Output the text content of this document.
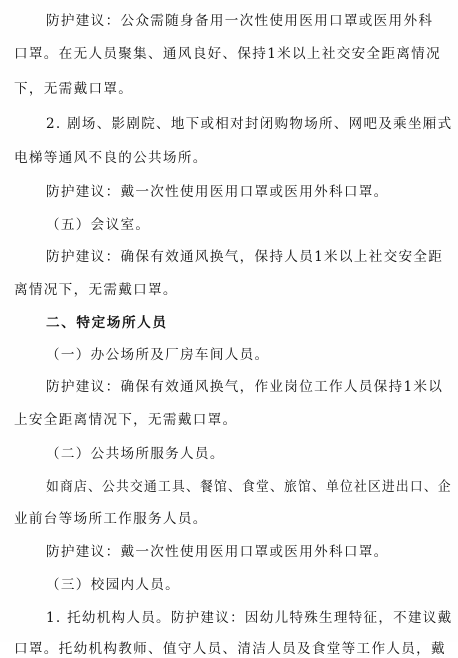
防护建议：公众需随身备用一次性使用医用口罩或医用外科
口罩。在无人员聚集、通风良好、保持1米以上社交安全距离情况
下，无需戴口罩。
2. 剧场、影剧院、地下或相对封闭购物场所、网吧及乘坐厢式
电梯等通风不良的公共场所。
防护建议：戴一次性使用医用口罩或医用外科口罩。
（五）会议室。
防护建议：确保有效通风换气，保持人员1米以上社交安全距
离情况下，无需戴口罩。
二、特定场所人员
（一）办公场所及厂房车间人员。
防护建议：确保有效通风换气，作业岗位工作人员保持1米以
上安全距离情况下，无需戴口罩。
（二）公共场所服务人员。
如商店、公共交通工具、餐馆、食堂、旅馆、单位社区进出口、企
业前台等场所工作服务人员。
防护建议：戴一次性使用医用口罩或医用外科口罩。
（三）校园内人员。
1. 托幼机构人员。防护建议：因幼儿特殊生理特征，不建议戴
口罩。托幼机构教师、值守人员、清洁人员及食堂等工作人员，戴
